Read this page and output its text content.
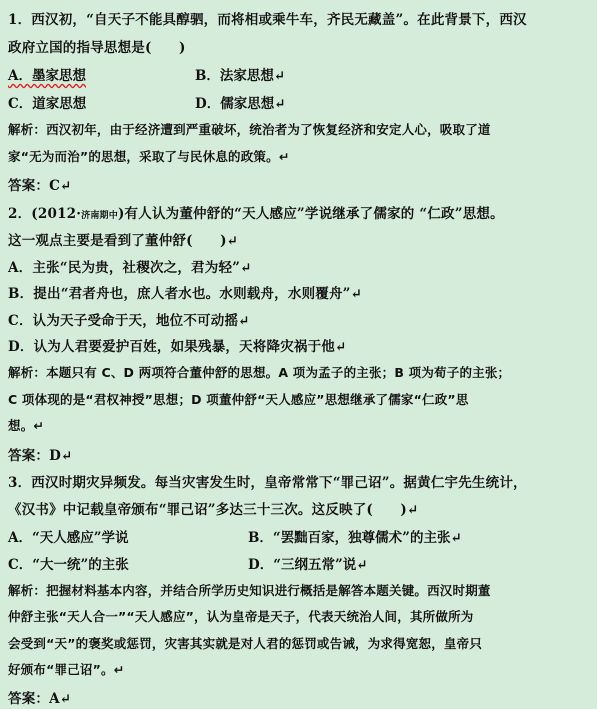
1．西汉初，“自天子不能具醇驷，而将相或乘牛车，齐民无藏盖”。在此背景下，西汉
政府立国的指导思想是(　　)
A．墨家思想	B．法家思想↵
C．道家思想	D．儒家思想↵
解析：西汉初年，由于经济遭到严重破坏，统治者为了恢复经济和安定人心，吸取了道
家“无为而治”的思想，采取了与民休息的政策。↵
答案：C↵
2．(2012·济南期中)有人认为董仲舒的“天人感应”学说继承了儒家的 “仁政”思想。
这一观点主要是看到了董仲舒(　　)↵
A．主张“民为贵，社稷次之，君为轻”↵
B．提出“君者舟也，庶人者水也。水则载舟，水则覆舟”↵
C．认为天子受命于天，地位不可动摇↵
D．认为人君要爱护百姓，如果残暴，天将降灾祸于他↵
解析：本题只有 C、D 两项符合董仲舒的思想。A 项为孟子的主张；B 项为荀子的主张；
C 项体现的是“君权神授”思想；D 项董仲舒“天人感应”思想继承了儒家“仁政”思
想。↵
答案：D↵
3．西汉时期灾异频发。每当灾害发生时，皇帝常常下“罪己诏”。据黄仁宇先生统计，
《汉书》中记载皇帝颁布“罪己诏”多达三十三次。这反映了(　　)↵
A．“天人感应”学说	B．“罢黜百家，独尊儒术”的主张↵
C．“大一统”的主张	D．“三纲五常”说↵
解析：把握材料基本内容，并结合所学历史知识进行概括是解答本题关键。西汉时期董
仲舒主张“天人合一”“天人感应”，认为皇帝是天子，代表天统治人间，其所做所为
会受到“天”的褒奖或惩罚，灾害其实就是对人君的惩罚或告诫，为求得宽恕，皇帝只
好颁布“罪己诏”。↵
答案：A↵
